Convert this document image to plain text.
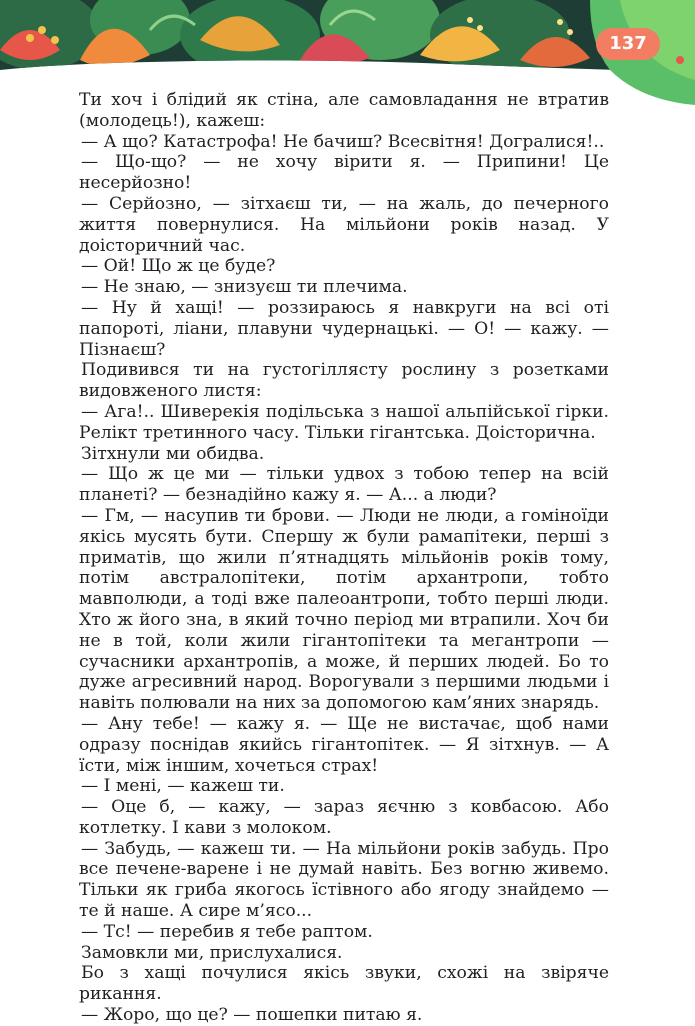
137

Ти хоч і блідий як стіна, але самовладання не втратив (молодець!), кажеш:

— А що? Катастрофа! Не бачиш? Всесвітня! Догралися!..

— Що-що? — не хочу вірити я. — Припини! Це несерйозно!

— Серйозно, — зітхаєш ти, — на жаль, до печерного життя повернулися. На мільйони років назад. У доісторичний час.

— Ой! Що ж це буде?

— Не знаю, — знизуєш ти плечима.

— Ну й хащі! — роззираюсь я навкруги на всі оті папороті, ліани, плавуни чудернацькі. — О! — кажу. — Пізнаєш?

Подивився ти на густогіллясту рослину з розетками видовженого листя:

— Ага!.. Шиверекія подільська з нашої альпійської гірки. Релікт третинного часу. Тільки гігантська. Доісторична.

Зітхнули ми обидва.

— Що ж це ми — тільки удвох з тобою тепер на всій планеті? — безнадійно кажу я. — А... а люди?

— Гм, — насупив ти брови. — Люди не люди, а гоміноїди якісь мусять бути. Спершу ж були рамапітеки, перші з приматів, що жили п’ятнадцять мільйонів років тому, потім австралопітеки, потім архантропи, тобто мавполюди, а тоді вже палеоантропи, тобто перші люди. Хто ж його зна, в який точно період ми втрапили. Хоч би не в той, коли жили гігантопітеки та мегантропи — сучасники архантропів, а може, й перших людей. Бо то дуже агресивний народ. Ворогували з першими людьми і навіть полювали на них за допомогою кам’яних знарядь.

— Ану тебе! — кажу я. — Ще не вистачає, щоб нами одразу поснідав якийсь гігантопітек. — Я зітхнув. — А їсти, між іншим, хочеться страх!

— І мені, — кажеш ти.

— Оце б, — кажу, — зараз яєчню з ковбасою. Або котлетку. І кави з молоком.

— Забудь, — кажеш ти. — На мільйони років забудь. Про все печене-варене і не думай навіть. Без вогню живемо. Тільки як гриба якогось їстівного або ягоду знайдемо — те й наше. А сире м’ясо...

— Тс! — перебив я тебе раптом.

Замовкли ми, прислухалися.

Бо з хащі почулися якісь звуки, схожі на звіряче рикання.

— Жоро, що це? — пошепки питаю я.
